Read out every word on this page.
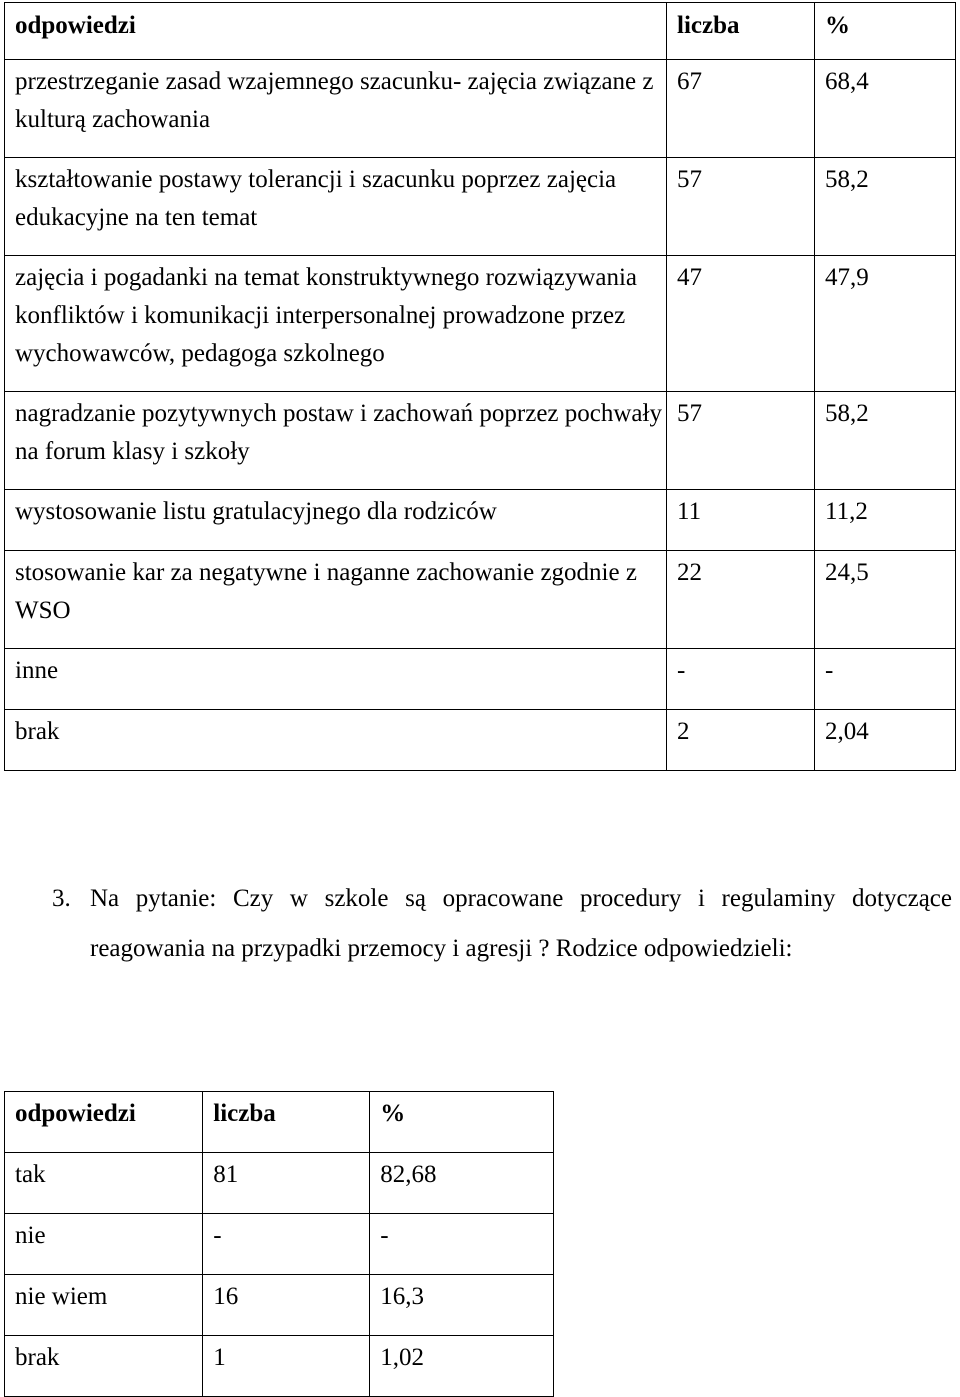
odpowiedzi	liczba	%
przestrzeganie zasad wzajemnego szacunku- zajęcia związane z kulturą zachowania	67	68,4
kształtowanie postawy tolerancji i szacunku poprzez zajęcia edukacyjne na ten temat	57	58,2
zajęcia i pogadanki na temat konstruktywnego rozwiązywania konfliktów i komunikacji interpersonalnej prowadzone przez wychowawców, pedagoga szkolnego	47	47,9
nagradzanie pozytywnych postaw i zachowań poprzez pochwały na forum klasy i szkoły	57	58,2
wystosowanie listu gratulacyjnego dla rodziców	11	11,2
stosowanie kar za negatywne i naganne zachowanie zgodnie z WSO	22	24,5
inne	-	-
brak	2	2,04

3. Na pytanie: Czy w szkole są opracowane procedury i regulaminy dotyczące reagowania na przypadki przemocy i agresji ? Rodzice odpowiedzieli:

odpowiedzi	liczba	%
tak	81	82,68
nie	-	-
nie wiem	16	16,3
brak	1	1,02
